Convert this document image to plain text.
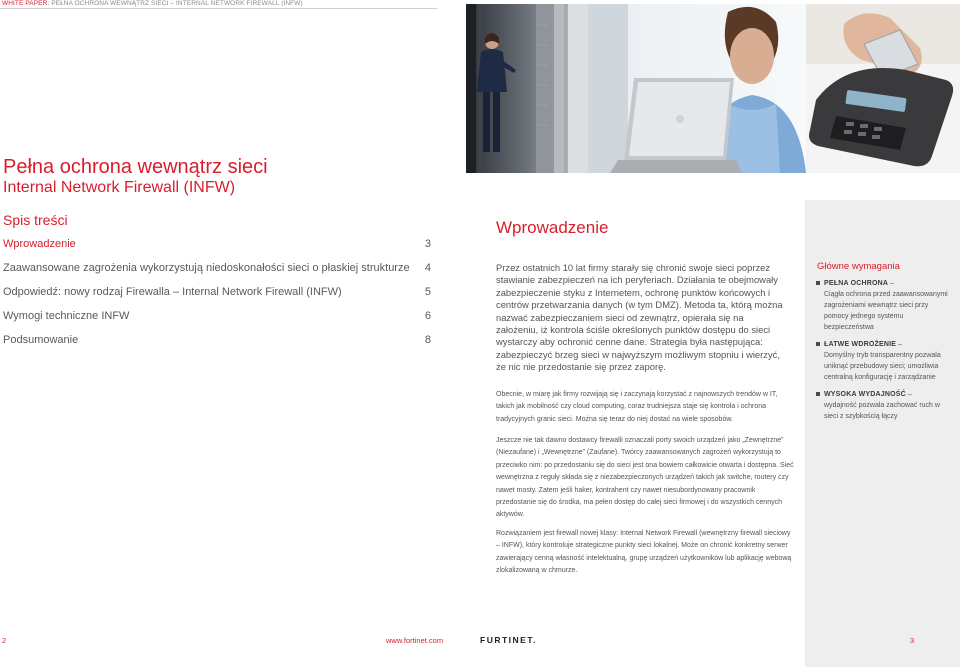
WHITE PAPER: PEŁNA OCHRONA WEWNĄTRZ SIECI – INTERNAL NETWORK FIREWALL (INFW)
Pełna ochrona wewnątrz sieci
Internal Network Firewall (INFW)
Spis treści
Wprowadzenie	3
Zaawansowane zagrożenia wykorzystują niedoskonałości sieci o płaskiej strukturze 4
Odpowiedź: nowy rodzaj Firewalla – Internal Network Firewall (INFW)	5
Wymogi techniczne INFW	6
Podsumowanie	8
Wprowadzenie
Przez ostatnich 10 lat firmy starały się chronić swoje sieci poprzez stawianie zabezpieczeń na ich peryferiach. Działania te obejmowały zabezpieczenie styku z Internetem, ochronę punktów końcowych i centrów przetwarzania danych (w tym DMZ). Metoda ta, którą można nazwać zabezpieczaniem sieci od zewnątrz, opierała się na założeniu, iż kontrola ściśle określonych punktów dostępu do sieci wystarczy aby ochronić cenne dane. Strategia była następująca: zabezpieczyć brzeg sieci w najwyższym możliwym stopniu i wierzyć, że nic nie przedostanie się przez zaporę.
Obecnie, w miarę jak firmy rozwijają się i zaczynają korzystać z najnowszych trendów w IT, takich jak mobilność czy cloud computing, coraz trudniejsza staje się kontrola i ochrona tradycyjnych granic sieci. Można się teraz do niej dostać na wiele sposobów.
Jeszcze nie tak dawno dostawcy firewalli oznaczali porty swoich urządzeń jako „Zewnętrzne” (Niezaufane) i „Wewnętrzne” (Zaufane). Twórcy zaawansowanych zagrożeń wykorzystują to przeciwko nim: po przedostaniu się do sieci jest ona bowiem całkowicie otwarta i dostępna. Sieć wewnętrzna z reguły składa się z niezabezpieczonych urządzeń takich jak switche, routery czy nawet mosty. Zatem jeśli haker, kontrahent czy nawet niesubordynowany pracownik przedostanie się do środka, ma pełen dostęp do całej sieci firmowej i do wszystkich cennych aktywów.
Rozwiązaniem jest firewall nowej klasy: Internal Network Firewall (wewnętrzny firewall sieciowy – INFW), który kontroluje strategiczne punkty sieci lokalnej. Może on chronić konkretny serwer zawierający cenną własność intelektualną, grupę urządzeń użytkowników lub aplikację webową zlokalizowaną w chmurze.
Główne wymagania
PEŁNA OCHRONA –
Ciągła ochrona przed zaawansowanymi zagrożeniami wewnątrz sieci przy pomocy jednego systemu bezpieczeństwa
ŁATWE WDROŻENIE –
Domyślny tryb transparentny pozwala uniknąć przebudowy sieci; umożliwia centralną konfigurację i zarządzanie
WYSOKA WYDAJNOŚĆ –
wydajność pozwala zachować ruch w sieci z szybkością łączy
2	www.fortinet.com	FURTINET.	3
